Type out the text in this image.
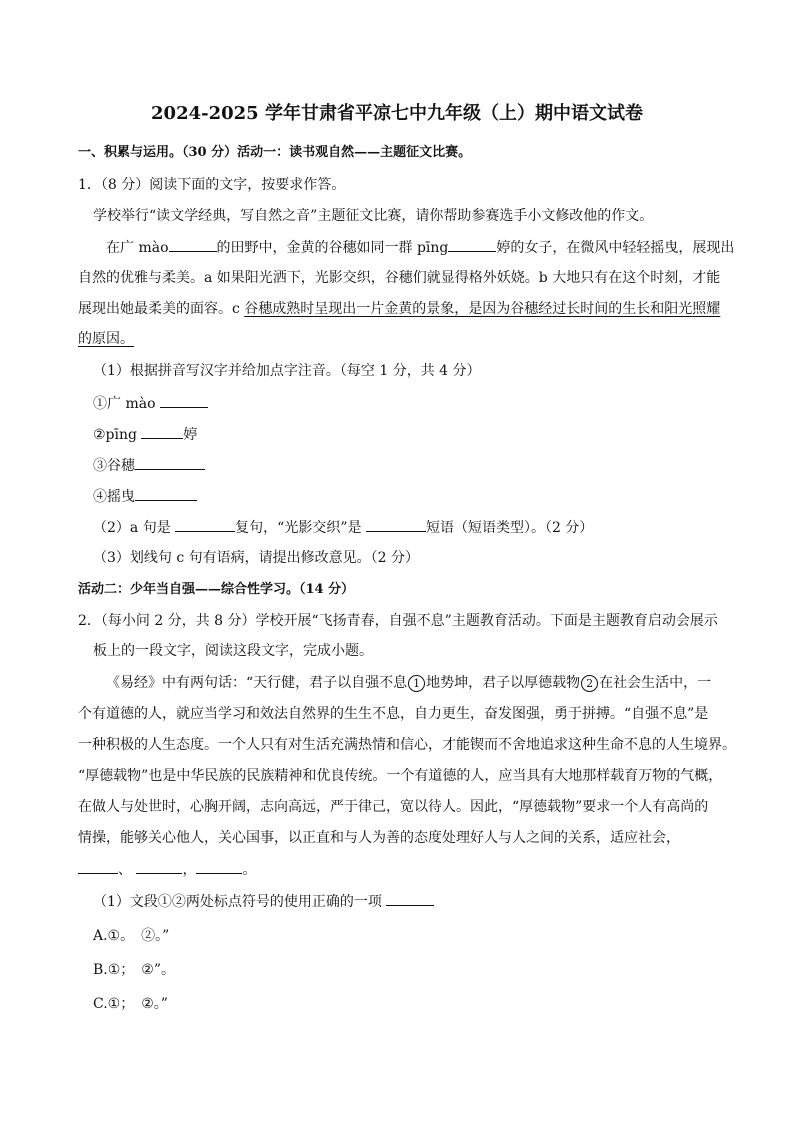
2024-2025 学年甘肃省平凉七中九年级（上）期中语文试卷
一、积累与运用。（30 分）活动一：读书观自然——主题征文比赛。
1．（8 分）阅读下面的文字，按要求作答。
学校举行“读文学经典，写自然之音”主题征文比赛，请你帮助参赛选手小文修改他的作文。
在广 mào	的田野中，金黄的谷穗如同一群 pīng	婷的女子，在微风中轻轻摇曳，展现出
自然的优雅与柔美。a 如果阳光洒下，光影交织，谷穗们就显得格外妖娆。b 大地只有在这个时刻，才能
展现出她最柔美的面容。c 谷穗成熟时呈现出一片金黄的景象，是因为谷穗经过长时间的生长和阳光照耀
的原因。
（1）根据拼音写汉字并给加点字注音。（每空 1 分，共 4 分）
①广 mào
②pīng	婷
③谷穗
④摇曳
（2）a 句是	复句，“光影交织”是	短语（短语类型）。（2 分）
（3）划线句 c 句有语病，请提出修改意见。（2 分）
活动二：少年当自强——综合性学习。（14 分）
2．（每小问 2 分，共 8 分）学校开展“飞扬青春，自强不息”主题教育活动。下面是主题教育启动会展示
板上的一段文字，阅读这段文字，完成小题。
《易经》中有两句话：“天行健，君子以自强不息 1 地势坤，君子以厚德载物 2 在社会生活中，一
个有道德的人，就应当学习和效法自然界的生生不息，自力更生，奋发图强，勇于拼搏。“自强不息”是
一种积极的人生态度。一个人只有对生活充满热情和信心，才能锲而不舍地追求这种生命不息的人生境界。
“厚德载物”也是中华民族的民族精神和优良传统。一个有道德的人，应当具有大地那样载育万物的气概，
在做人与处世时，心胸开阔，志向高远，严于律己，宽以待人。因此，“厚德载物”要求一个人有高尚的
情操，能够关心他人，关心国事，以正直和与人为善的态度处理好人与人之间的关系，适应社会，
、	，	。
（1）文段①②两处标点符号的使用正确的一项
A.①。　②。”
B.①；　②”。
C.①；　②。”
